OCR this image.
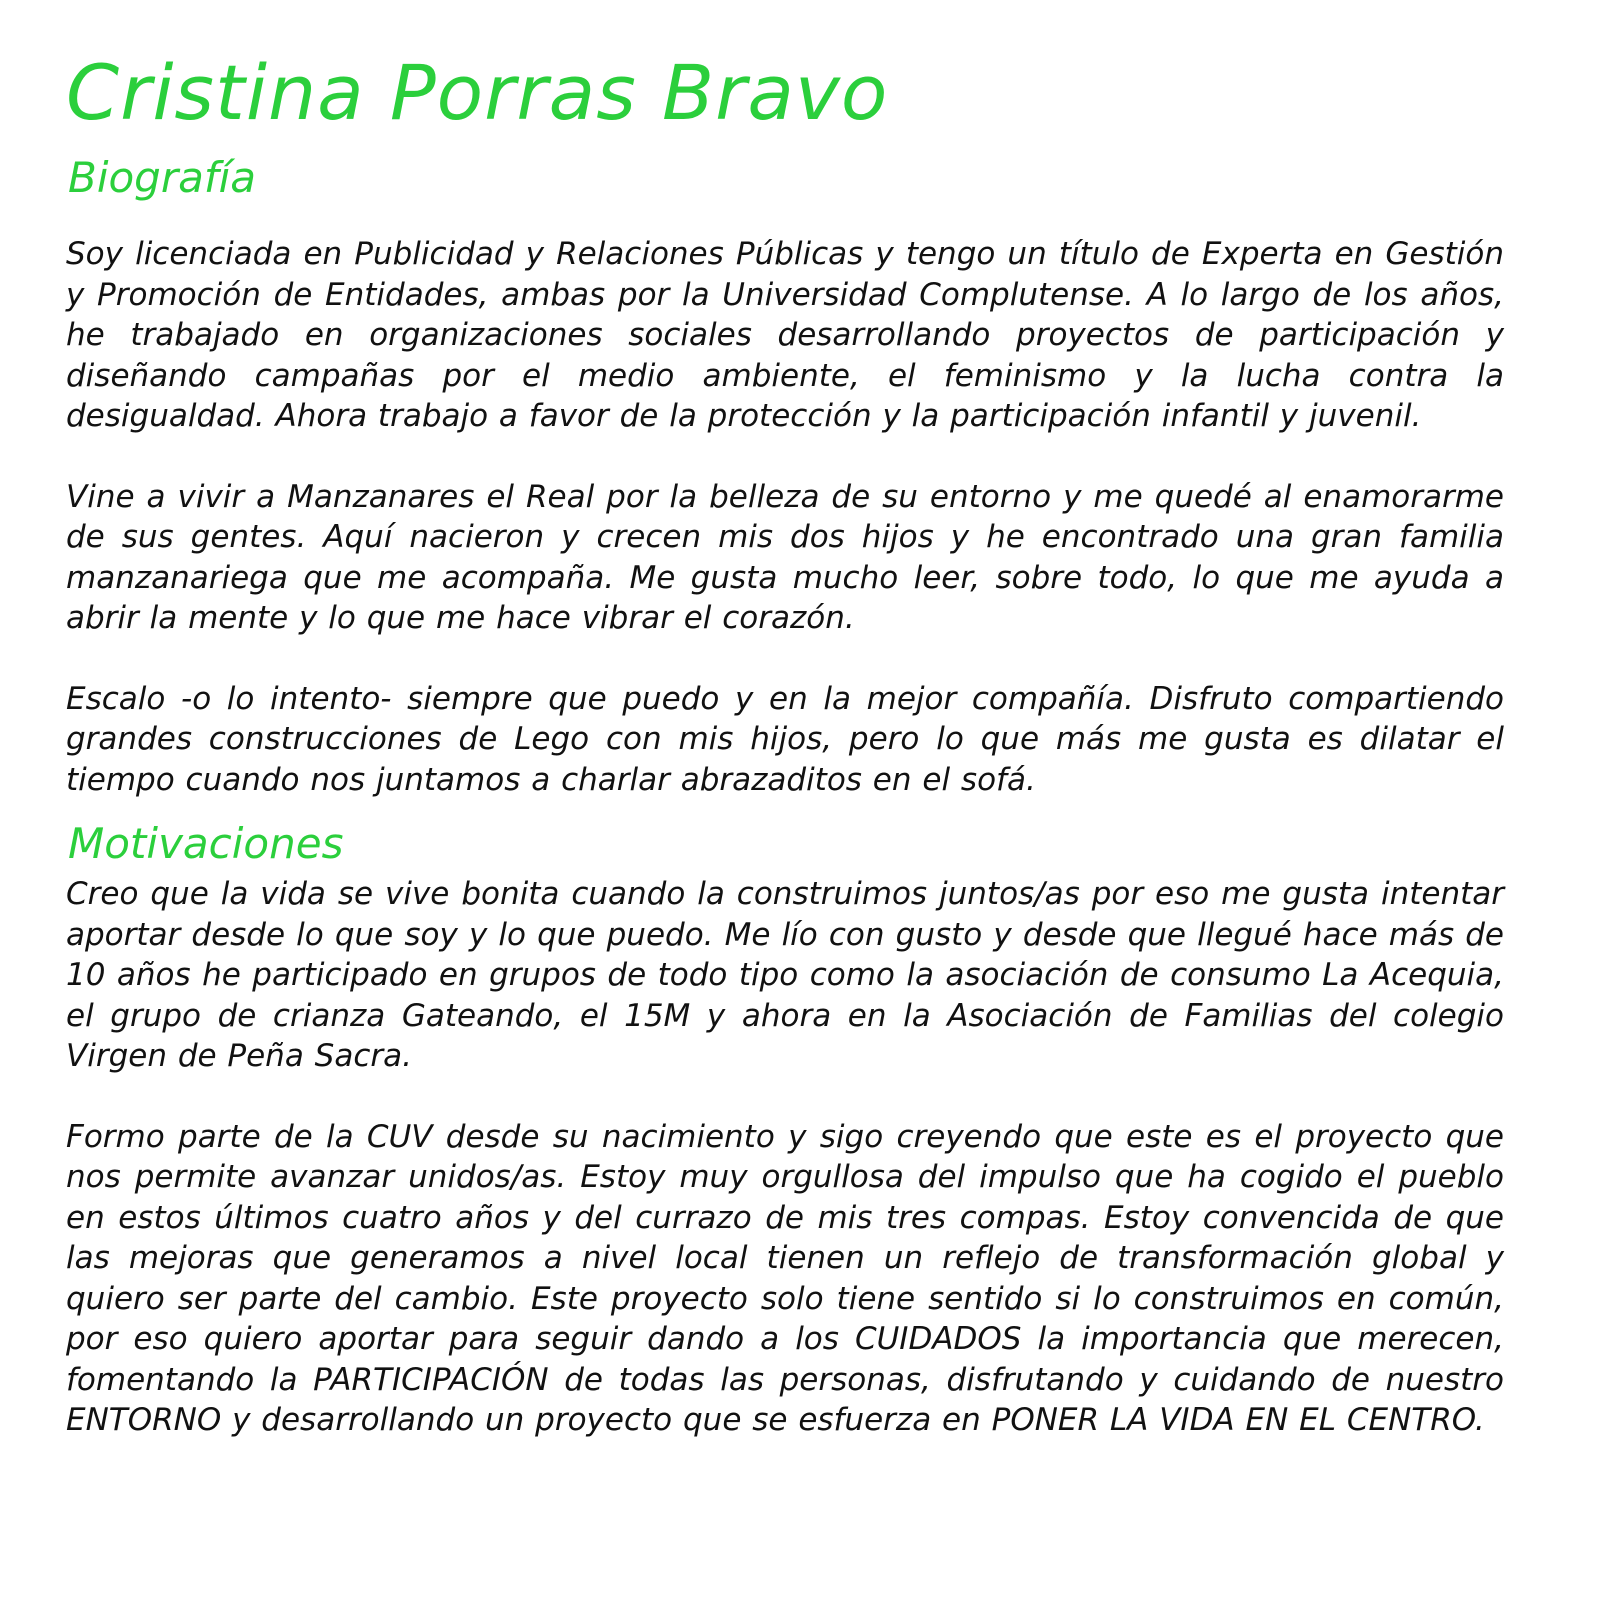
Cristina Porras Bravo
Biografía

Soy licenciada en Publicidad y Relaciones Públicas y tengo un título de Experta en Gestión y Promoción de Entidades, ambas por la Universidad Complutense. A lo largo de los años, he trabajado en organizaciones sociales desarrollando proyectos de participación y diseñando campañas por el medio ambiente, el feminismo y la lucha contra la desigualdad. Ahora trabajo a favor de la protección y la participación infantil y juvenil.

Vine a vivir a Manzanares el Real por la belleza de su entorno y me quedé al enamorarme de sus gentes. Aquí nacieron y crecen mis dos hijos y he encontrado una gran familia manzanariega que me acompaña. Me gusta mucho leer, sobre todo, lo que me ayuda a abrir la mente y lo que me hace vibrar el corazón.

Escalo -o lo intento- siempre que puedo y en la mejor compañía. Disfruto compartiendo grandes construcciones de Lego con mis hijos, pero lo que más me gusta es dilatar el tiempo cuando nos juntamos a charlar abrazaditos en el sofá.

Motivaciones

Creo que la vida se vive bonita cuando la construimos juntos/as por eso me gusta intentar aportar desde lo que soy y lo que puedo. Me lío con gusto y desde que llegué hace más de 10 años he participado en grupos de todo tipo como la asociación de consumo La Acequia, el grupo de crianza Gateando, el 15M y ahora en la Asociación de Familias del colegio Virgen de Peña Sacra.

Formo parte de la CUV desde su nacimiento y sigo creyendo que este es el proyecto que nos permite avanzar unidos/as. Estoy muy orgullosa del impulso que ha cogido el pueblo en estos últimos cuatro años y del currazo de mis tres compas. Estoy convencida de que las mejoras que generamos a nivel local tienen un reflejo de transformación global y quiero ser parte del cambio. Este proyecto solo tiene sentido si lo construimos en común, por eso quiero aportar para seguir dando a los CUIDADOS la importancia que merecen, fomentando la PARTICIPACIÓN de todas las personas, disfrutando y cuidando de nuestro ENTORNO y desarrollando un proyecto que se esfuerza en PONER LA VIDA EN EL CENTRO.
